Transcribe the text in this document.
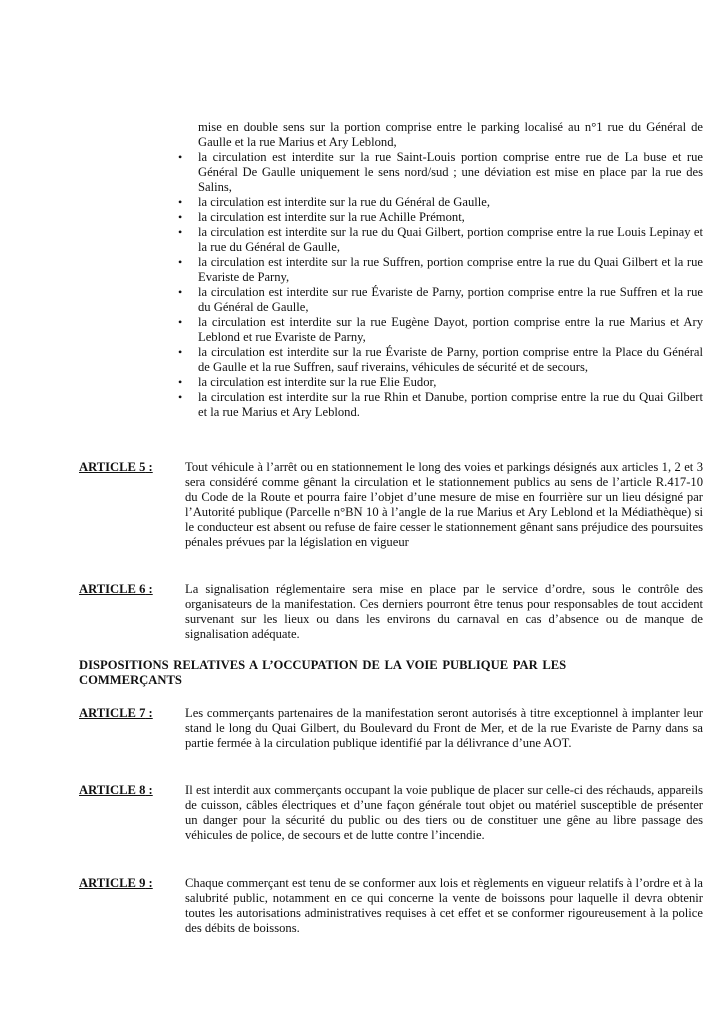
mise en double sens sur la portion comprise entre le parking localisé au n°1 rue du Général de Gaulle et la rue Marius et Ary Leblond,
• la circulation est interdite sur la rue Saint-Louis portion comprise entre rue de La buse et rue Général De Gaulle uniquement le sens nord/sud ; une déviation est mise en place par la rue des Salins,
• la circulation est interdite sur la rue du Général de Gaulle,
• la circulation est interdite sur la rue Achille Prémont,
• la circulation est interdite sur la rue du Quai Gilbert, portion comprise entre la rue Louis Lepinay et la rue du Général de Gaulle,
• la circulation est interdite sur la rue Suffren, portion comprise entre la rue du Quai Gilbert et la rue Evariste de Parny,
• la circulation est interdite sur rue Évariste de Parny, portion comprise entre la rue Suffren et la rue du Général de Gaulle,
• la circulation est interdite sur la rue Eugène Dayot, portion comprise entre la rue Marius et Ary Leblond et rue Evariste de Parny,
• la circulation est interdite sur la rue Évariste de Parny, portion comprise entre la Place du Général de Gaulle et la rue Suffren, sauf riverains, véhicules de sécurité et de secours,
• la circulation est interdite sur la rue Elie Eudor,
• la circulation est interdite sur la rue Rhin et Danube, portion comprise entre la rue du Quai Gilbert et la rue Marius et Ary Leblond.
ARTICLE 5 :	Tout véhicule à l’arrêt ou en stationnement le long des voies et parkings désignés aux articles 1, 2 et 3 sera considéré comme gênant la circulation et le stationnement publics au sens de l’article R.417-10 du Code de la Route et pourra faire l’objet d’une mesure de mise en fourrière sur un lieu désigné par l’Autorité publique (Parcelle n°BN 10 à l’angle de la rue Marius et Ary Leblond et la Médiathèque) si le conducteur est absent ou refuse de faire cesser le stationnement gênant sans préjudice des poursuites pénales prévues par la législation en vigueur
ARTICLE 6 :	La signalisation réglementaire sera mise en place par le service d’ordre, sous le contrôle des organisateurs de la manifestation. Ces derniers pourront être tenus pour responsables de tout accident survenant sur les lieux ou dans les environs du carnaval en cas d’absence ou de manque de signalisation adéquate.
DISPOSITIONS RELATIVES A L’OCCUPATION DE LA VOIE PUBLIQUE PAR LES
COMMERÇANTS
ARTICLE 7 :	Les commerçants partenaires de la manifestation seront autorisés à titre exceptionnel à implanter leur stand le long du Quai Gilbert, du Boulevard du Front de Mer, et de la rue Evariste de Parny dans sa partie fermée à la circulation publique identifié par la délivrance d’une AOT.
ARTICLE 8 :	Il est interdit aux commerçants occupant la voie publique de placer sur celle-ci des réchauds, appareils de cuisson, câbles électriques et d’une façon générale tout objet ou matériel susceptible de présenter un danger pour la sécurité du public ou des tiers ou de constituer une gêne au libre passage des véhicules de police, de secours et de lutte contre l’incendie.
ARTICLE 9 :	Chaque commerçant est tenu de se conformer aux lois et règlements en vigueur relatifs à l’ordre et à la salubrité public, notamment en ce qui concerne la vente de boissons pour laquelle il devra obtenir toutes les autorisations administratives requises à cet effet et se conformer rigoureusement à la police des débits de boissons.
